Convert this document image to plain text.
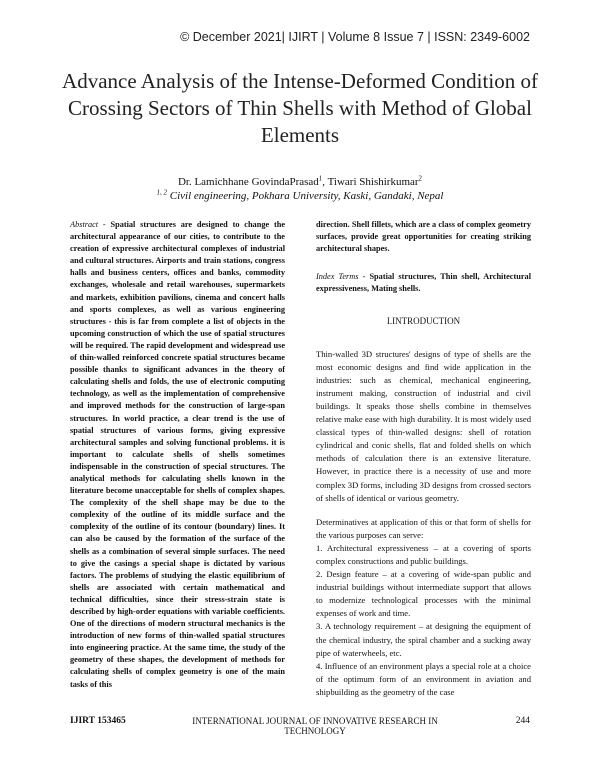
© December 2021| IJIRT | Volume 8 Issue 7 | ISSN: 2349-6002
Advance Analysis of the Intense-Deformed Condition of Crossing Sectors of Thin Shells with Method of Global Elements
Dr. Lamichhane GovindaPrasad$^1$, Tiwari Shishirkumar$^2$
$^{1, 2}$ Civil engineering, Pokhara University, Kaski, Gandaki, Nepal
Abstract - Spatial structures are designed to change the architectural appearance of our cities, to contribute to the creation of expressive architectural complexes of industrial and cultural structures. Airports and train stations, congress halls and business centers, offices and banks, commodity exchanges, wholesale and retail warehouses, supermarkets and markets, exhibition pavilions, cinema and concert halls and sports complexes, as well as various engineering structures - this is far from complete a list of objects in the upcoming construction of which the use of spatial structures will be required. The rapid development and widespread use of thin-walled reinforced concrete spatial structures became possible thanks to significant advances in the theory of calculating shells and folds, the use of electronic computing technology, as well as the implementation of comprehensive and improved methods for the construction of large-span structures. In world practice, a clear trend is the use of spatial structures of various forms, giving expressive architectural samples and solving functional problems. it is important to calculate shells of shells sometimes indispensable in the construction of special structures. The analytical methods for calculating shells known in the literature become unacceptable for shells of complex shapes. The complexity of the shell shape may be due to the complexity of the outline of its middle surface and the complexity of the outline of its contour (boundary) lines. It can also be caused by the formation of the surface of the shells as a combination of several simple surfaces. The need to give the casings a special shape is dictated by various factors. The problems of studying the elastic equilibrium of shells are associated with certain mathematical and technical difficulties, since their stress-strain state is described by high-order equations with variable coefficients. One of the directions of modern structural mechanics is the introduction of new forms of thin-walled spatial structures into engineering practice. At the same time, the study of the geometry of these shapes, the development of methods for calculating shells of complex geometry is one of the main tasks of this

direction. Shell fillets, which are a class of complex geometry surfaces, provide great opportunities for creating striking architectural shapes.

Index Terms - Spatial structures, Thin shell, Architectural expressiveness, Mating shells.

I.INTRODUCTION

Thin-walled 3D structures' designs of type of shells are the most economic designs and find wide application in the industries: such as chemical, mechanical engineering, instrument making, construction of industrial and civil buildings. It speaks those shells combine in themselves relative make ease with high durability. It is most widely used classical types of thin-walled designs: shell of rotation cylindrical and conic shells, flat and folded shells on which methods of calculation there is an extensive literature. However, in practice there is a necessity of use and more complex 3D forms, including 3D designs from crossed sectors of shells of identical or various geometry.

Determinatives at application of this or that form of shells for the various purposes can serve:

1. Architectural expressiveness – at a covering of sports complex constructions and public buildings.

2. Design feature – at a covering of wide-span public and industrial buildings without intermediate support that allows to modernize technological processes with the minimal expenses of work and time.

3. A technology requirement – at designing the equipment of the chemical industry, the spiral chamber and a sucking away pipe of waterwheels, etc.

4. Influence of an environment plays a special role at a choice of the optimum form of an environment in aviation and shipbuilding as the geometry of the case

IJIRT 153465	INTERNATIONAL JOURNAL OF INNOVATIVE RESEARCH IN TECHNOLOGY
244
